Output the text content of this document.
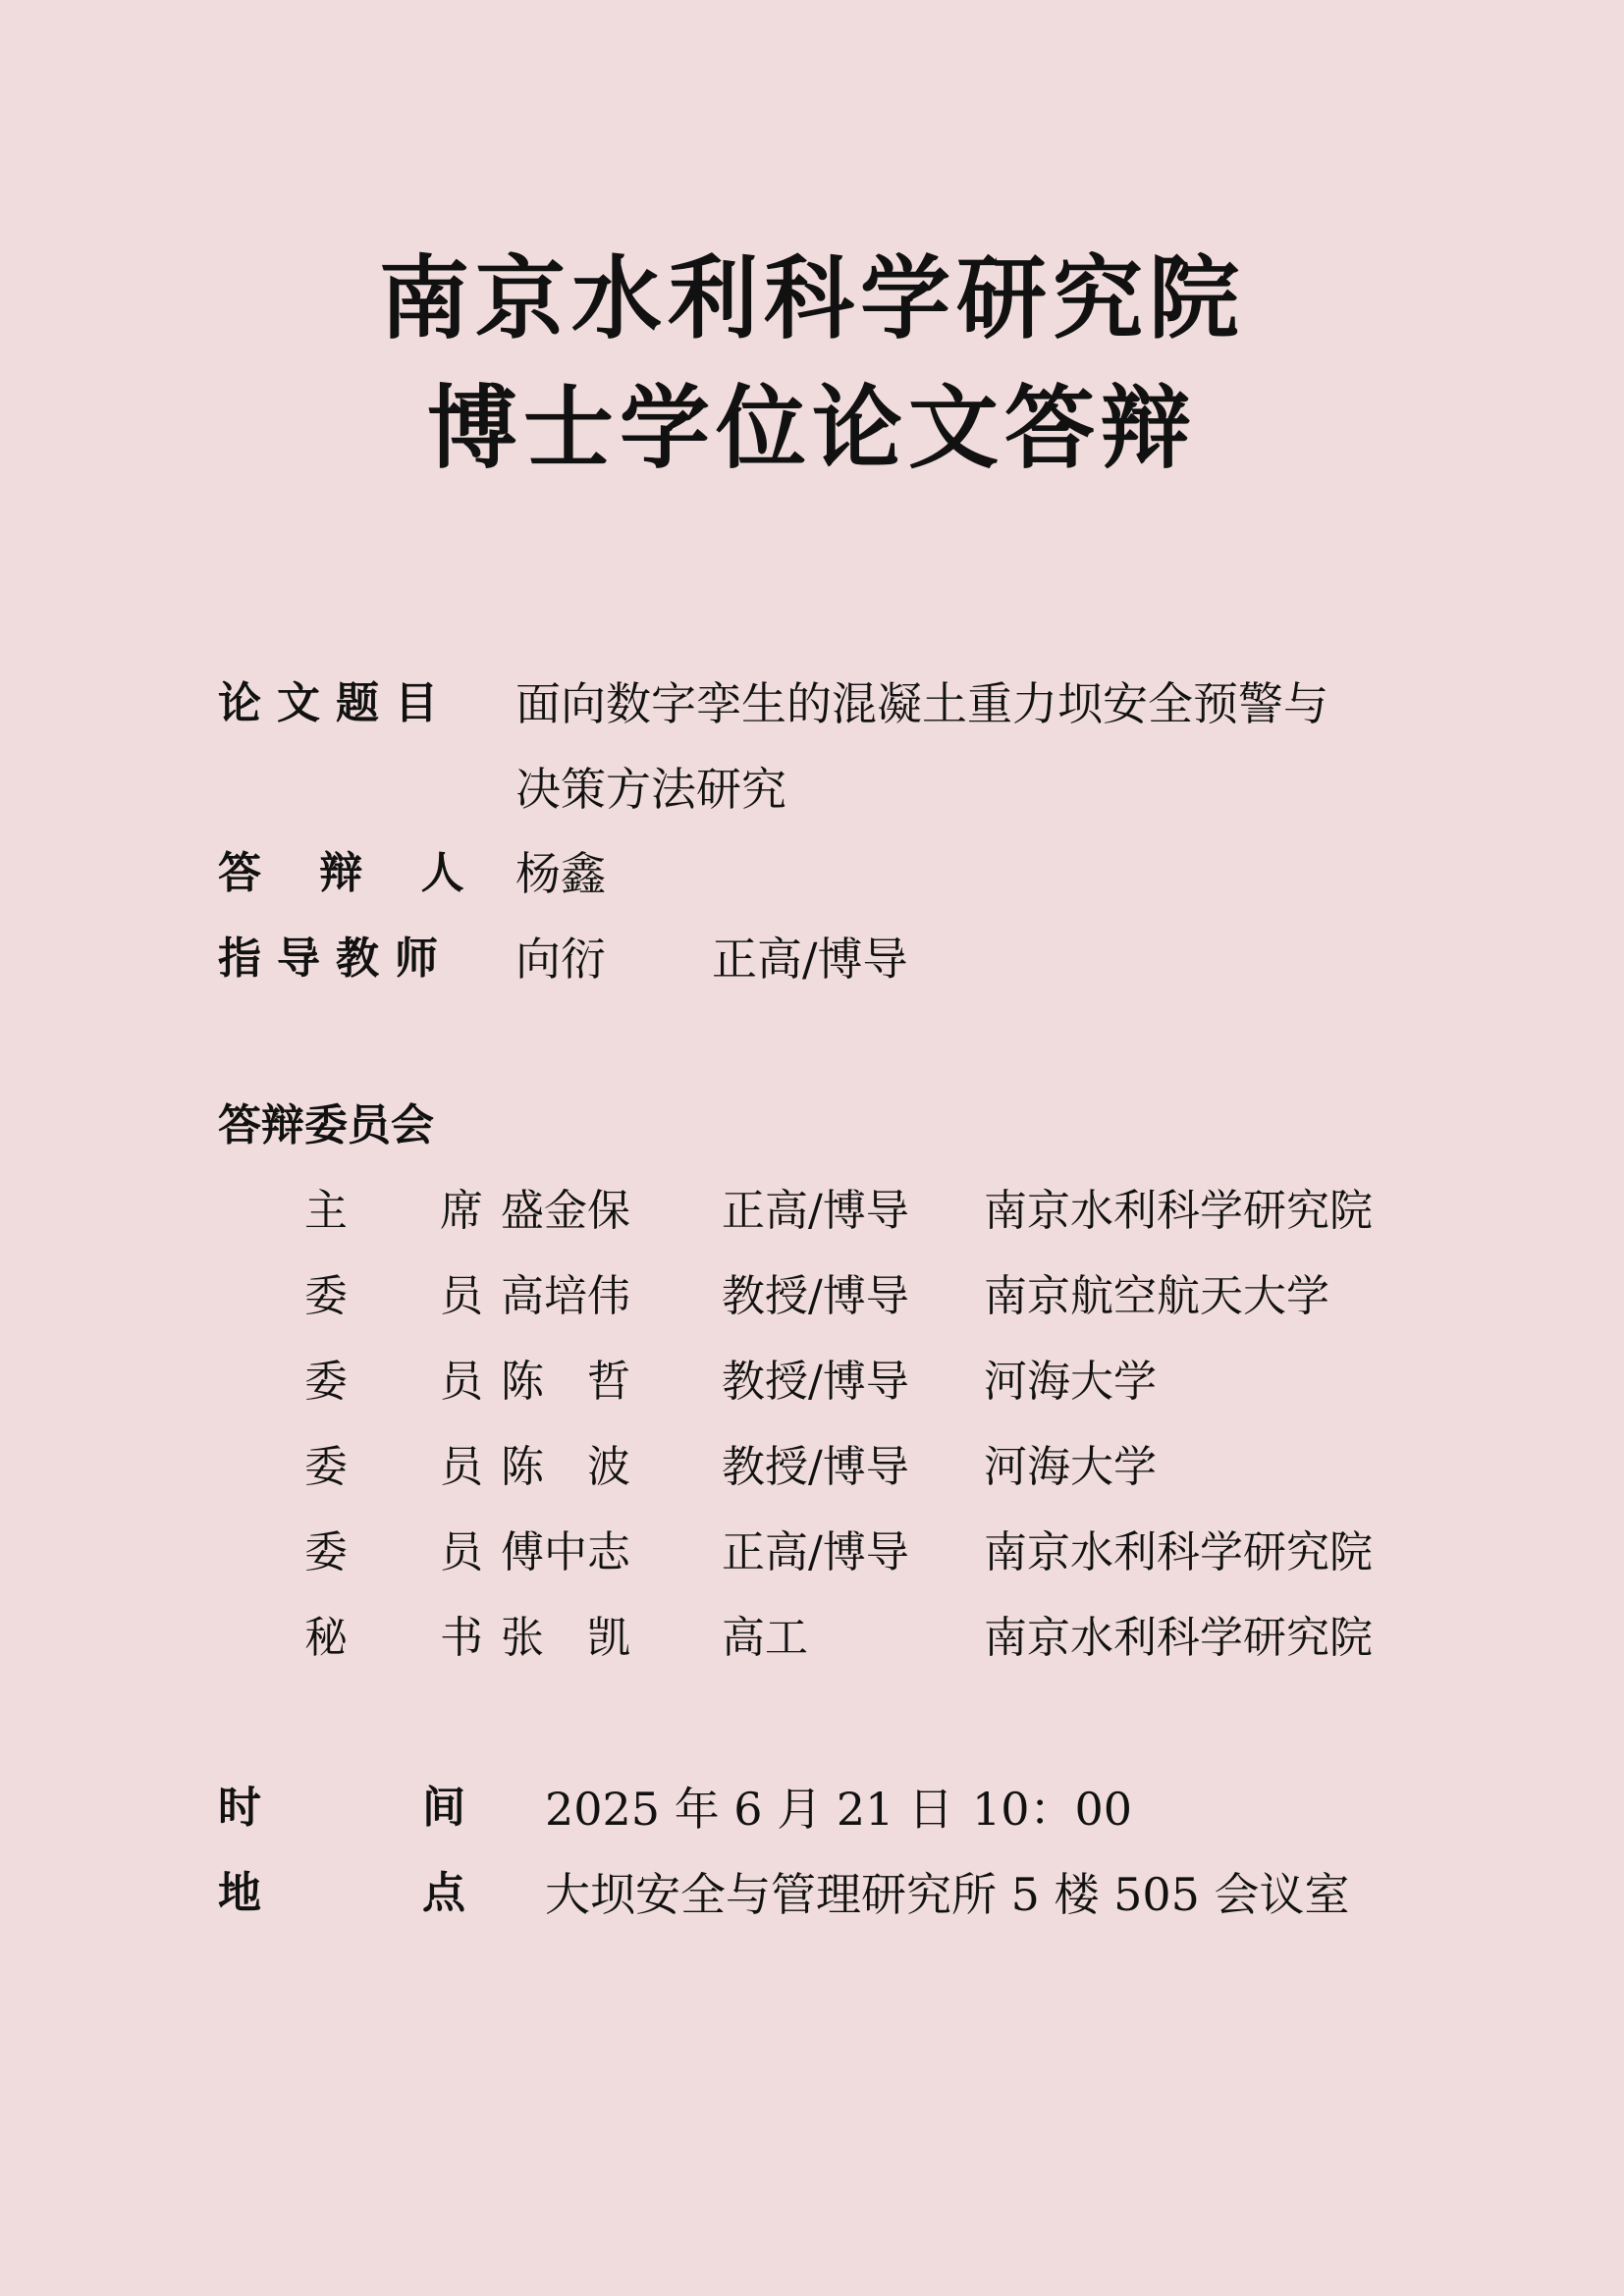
南京水利科学研究院
博士学位论文答辩
论文题目 面向数字孪生的混凝土重力坝安全预警与
决策方法研究
答 辩 人 杨鑫
指导教师 向衍 正高/博导
答辩委员会
主 席
盛金保 正高/博导 南京水利科学研究院
委 员
高培伟 教授/博导 南京航空航天大学
委 员
陈　哲 教授/博导 河海大学
委 员
陈　波 教授/博导 河海大学
委 员
傅中志 正高/博导 南京水利科学研究院
秘 书
张　凯 高工	南京水利科学研究院
时　间 2025 年 6 月 21 日 10：00
地　点 大坝安全与管理研究所 5 楼 505 会议室
